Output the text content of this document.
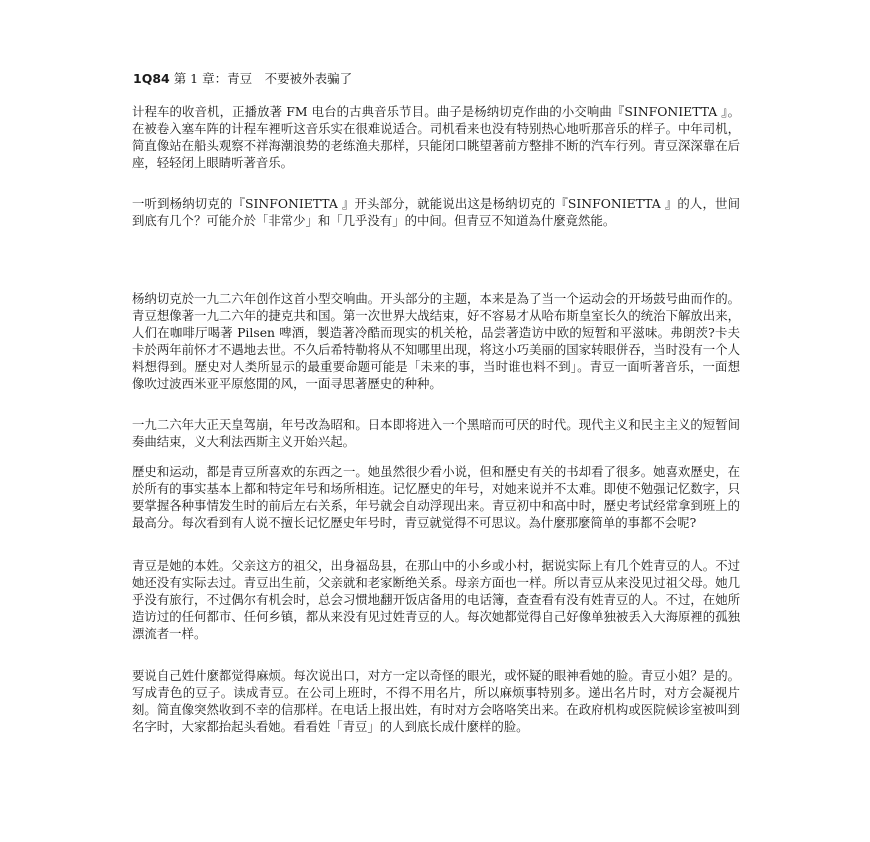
1Q84 第 1 章：青豆　不要被外表骗了

计程车的收音机，正播放著 FM 电台的古典音乐节目。曲子是杨纳切克作曲的小交响曲『SINFONIETTA 』。在被卷入塞车阵的计程车裡听这音乐实在很难说适合。司机看来也没有特别热心地听那音乐的样子。中年司机，简直像站在船头观察不祥海潮浪势的老练渔夫那样，只能闭口眺望著前方整排不断的汽车行列。青豆深深靠在后座，轻轻闭上眼睛听著音乐。

一听到杨纳切克的『SINFONIETTA 』开头部分，就能说出这是杨纳切克的『SINFONIETTA 』的人，世间到底有几个？可能介於「非常少」和「几乎没有」的中间。但青豆不知道為什麼竟然能。

杨纳切克於一九二六年创作这首小型交响曲。开头部分的主题，本来是為了当一个运动会的开场鼓号曲而作的。青豆想像著一九二六年的捷克共和国。第一次世界大战结束，好不容易才从哈布斯皇室长久的统治下解放出来，人们在咖啡厅喝著 Pilsen 啤酒，製造著冷酷而现实的机关枪，品尝著造访中欧的短暂和平滋味。弗朗茨?卡夫卡於两年前怀才不遇地去世。不久后希特勒将从不知哪里出现，将这小巧美丽的国家转眼併吞，当时没有一个人料想得到。歷史对人类所显示的最重要命题可能是「未来的事，当时谁也料不到」。青豆一面听著音乐，一面想像吹过波西米亚平原悠閒的风，一面寻思著歷史的种种。

一九二六年大正天皇驾崩，年号改為昭和。日本即将进入一个黑暗而可厌的时代。现代主义和民主主义的短暂间奏曲结束，义大利法西斯主义开始兴起。

歷史和运动，都是青豆所喜欢的东西之一。她虽然很少看小说，但和歷史有关的书却看了很多。她喜欢歷史，在於所有的事实基本上都和特定年号和场所相连。记忆歷史的年号，对她来说并不太难。即使不勉强记忆数字，只要掌握各种事情发生时的前后左右关系，年号就会自动浮现出来。青豆初中和高中时，歷史考试经常拿到班上的最高分。每次看到有人说不擅长记忆歷史年号时，青豆就觉得不可思议。為什麼那麼简单的事都不会呢?

青豆是她的本姓。父亲这方的祖父，出身福岛县，在那山中的小乡或小村，据说实际上有几个姓青豆的人。不过她还没有实际去过。青豆出生前，父亲就和老家断绝关系。母亲方面也一样。所以青豆从来没见过祖父母。她几乎没有旅行，不过偶尔有机会时，总会习惯地翻开饭店备用的电话簿，查查看有没有姓青豆的人。不过，在她所造访过的任何都市、任何乡镇，都从来没有见过姓青豆的人。每次她都觉得自己好像单独被丢入大海原裡的孤独漂流者一样。

要说自己姓什麼都觉得麻烦。每次说出口，对方一定以奇怪的眼光，或怀疑的眼神看她的脸。青豆小姐？是的。写成青色的豆子。读成青豆。在公司上班时，不得不用名片，所以麻烦事特别多。递出名片时，对方会凝视片刻。简直像突然收到不幸的信那样。在电话上报出姓，有时对方会咯咯笑出来。在政府机构或医院候诊室被叫到名字时，大家都抬起头看她。看看姓「青豆」的人到底长成什麼样的脸。
